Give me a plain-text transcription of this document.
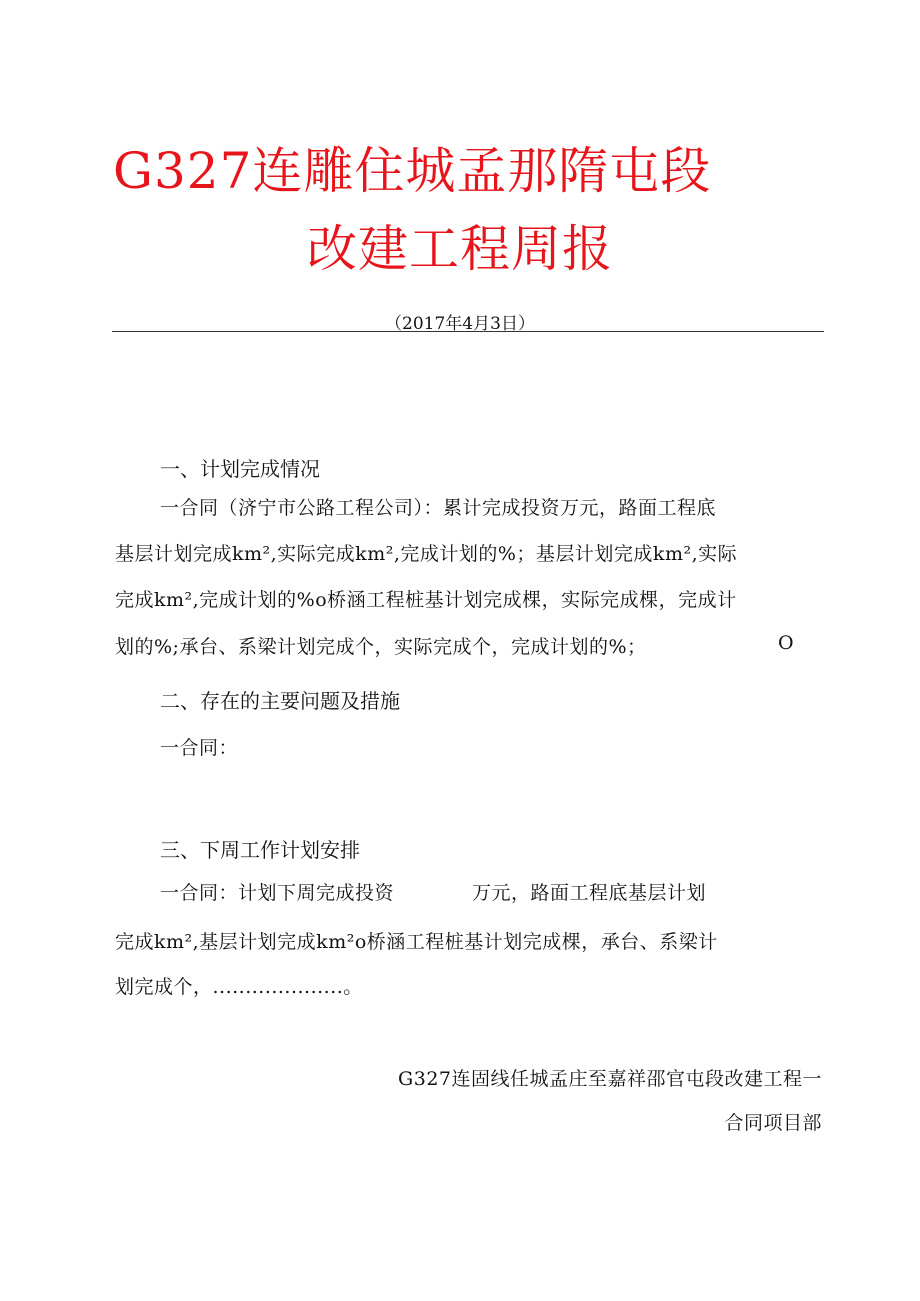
G327连雕住城孟那隋屯段
改建工程周报
（2017年4月3日）
一、计划完成情况
一合同（济宁市公路工程公司）：累计完成投资万元，路面工程底
基层计划完成km²,实际完成km²,完成计划的%；基层计划完成km²,实际
完成km²,完成计划的%o桥涵工程桩基计划完成棵，实际完成棵，完成计
划的%;承台、系梁计划完成个，实际完成个，完成计划的%；	O
二、存在的主要问题及措施
一合同：
三、下周工作计划安排
一合同：计划下周完成投资　　　　万元，路面工程底基层计划
完成km²,基层计划完成km²o桥涵工程桩基计划完成棵，承台、系梁计
划完成个，....................。
G327连固线任城孟庄至嘉祥邵官屯段改建工程一
合同项目部
